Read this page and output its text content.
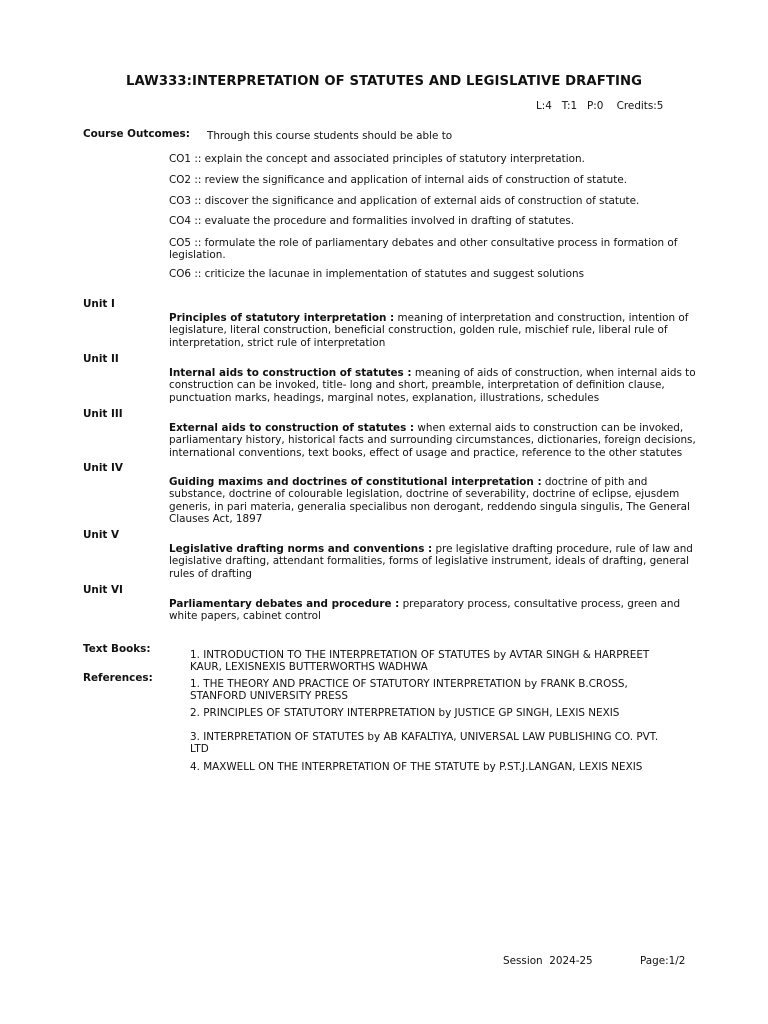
LAW333:INTERPRETATION OF STATUTES AND LEGISLATIVE DRAFTING
L:4   T:1   P:0    Credits:5
Course Outcomes: Through this course students should be able to
CO1 :: explain the concept and associated principles of statutory interpretation.
CO2 :: review the significance and application of internal aids of construction of statute.
CO3 :: discover the significance and application of external aids of construction of statute.
CO4 :: evaluate the procedure and formalities involved in drafting of statutes.
CO5 :: formulate the role of parliamentary debates and other consultative process in formation of legislation.
CO6 :: criticize the lacunae in implementation of statutes and suggest solutions
Unit I
Principles of statutory interpretation : meaning of interpretation and construction, intention of legislature, literal construction, beneficial construction, golden rule, mischief rule, liberal rule of interpretation, strict rule of interpretation
Unit II
Internal aids to construction of statutes : meaning of aids of construction, when internal aids to construction can be invoked, title- long and short, preamble, interpretation of definition clause, punctuation marks, headings, marginal notes, explanation, illustrations, schedules
Unit III
External aids to construction of statutes : when external aids to construction can be invoked, parliamentary history, historical facts and surrounding circumstances, dictionaries, foreign decisions, international conventions, text books, effect of usage and practice, reference to the other statutes
Unit IV
Guiding maxims and doctrines of constitutional interpretation : doctrine of pith and substance, doctrine of colourable legislation, doctrine of severability, doctrine of eclipse, ejusdem generis, in pari materia, generalia specialibus non derogant, reddendo singula singulis, The General Clauses Act, 1897
Unit V
Legislative drafting norms and conventions : pre legislative drafting procedure, rule of law and legislative drafting, attendant formalities, forms of legislative instrument, ideals of drafting, general rules of drafting
Unit VI
Parliamentary debates and procedure : preparatory process, consultative process, green and white papers, cabinet control
Text Books:	1. INTRODUCTION TO THE INTERPRETATION OF STATUTES by AVTAR SINGH & HARPREET KAUR, LEXISNEXIS BUTTERWORTHS WADHWA
References:	1. THE THEORY AND PRACTICE OF STATUTORY INTERPRETATION by FRANK B.CROSS, STANFORD UNIVERSITY PRESS
2. PRINCIPLES OF STATUTORY INTERPRETATION by JUSTICE GP SINGH, LEXIS NEXIS
3. INTERPRETATION OF STATUTES by AB KAFALTIYA, UNIVERSAL LAW PUBLISHING CO. PVT. LTD
4. MAXWELL ON THE INTERPRETATION OF THE STATUTE by P.ST.J.LANGAN, LEXIS NEXIS
Session  2024-25	Page:1/2
